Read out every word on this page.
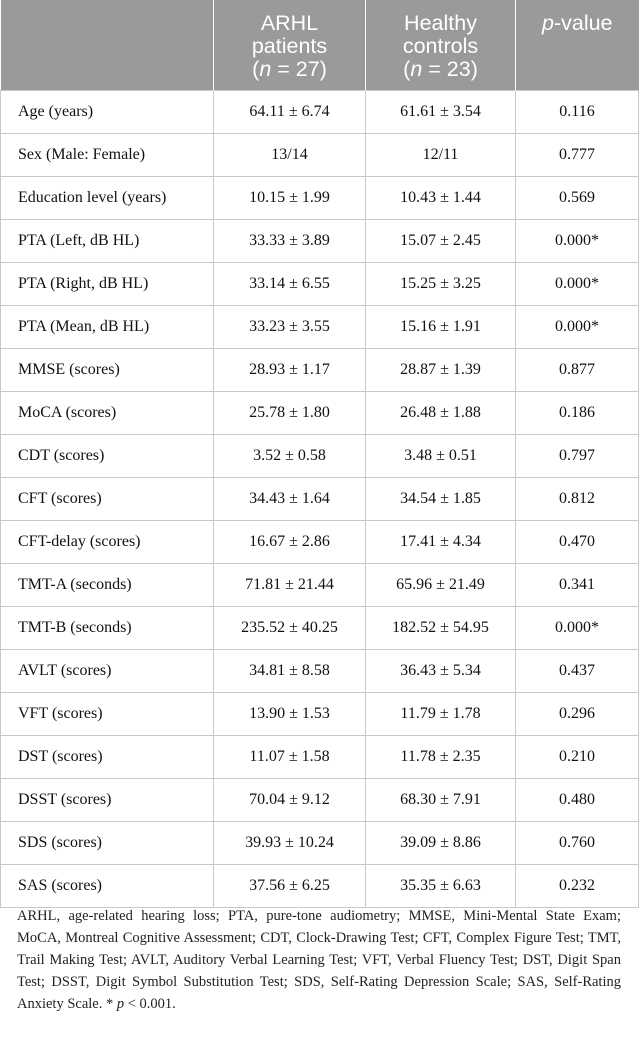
	ARHL
patients
(n = 27)	Healthy
controls
(n = 23)	p-value
Age (years)	64.11 ± 6.74	61.61 ± 3.54	0.116
Sex (Male: Female)	13/14	12/11	0.777
Education level (years)	10.15 ± 1.99	10.43 ± 1.44	0.569
PTA (Left, dB HL)	33.33 ± 3.89	15.07 ± 2.45	0.000*
PTA (Right, dB HL)	33.14 ± 6.55	15.25 ± 3.25	0.000*
PTA (Mean, dB HL)	33.23 ± 3.55	15.16 ± 1.91	0.000*
MMSE (scores)	28.93 ± 1.17	28.87 ± 1.39	0.877
MoCA (scores)	25.78 ± 1.80	26.48 ± 1.88	0.186
CDT (scores)	3.52 ± 0.58	3.48 ± 0.51	0.797
CFT (scores)	34.43 ± 1.64	34.54 ± 1.85	0.812
CFT-delay (scores)	16.67 ± 2.86	17.41 ± 4.34	0.470
TMT-A (seconds)	71.81 ± 21.44	65.96 ± 21.49	0.341
TMT-B (seconds)	235.52 ± 40.25	182.52 ± 54.95	0.000*
AVLT (scores)	34.81 ± 8.58	36.43 ± 5.34	0.437
VFT (scores)	13.90 ± 1.53	11.79 ± 1.78	0.296
DST (scores)	11.07 ± 1.58	11.78 ± 2.35	0.210
DSST (scores)	70.04 ± 9.12	68.30 ± 7.91	0.480
SDS (scores)	39.93 ± 10.24	39.09 ± 8.86	0.760
SAS (scores)	37.56 ± 6.25	35.35 ± 6.63	0.232
ARHL, age-related hearing loss; PTA, pure-tone audiometry; MMSE, Mini-Mental State Exam; MoCA, Montreal Cognitive Assessment; CDT, Clock-Drawing Test; CFT, Complex Figure Test; TMT, Trail Making Test; AVLT, Auditory Verbal Learning Test; VFT, Verbal Fluency Test; DST, Digit Span Test; DSST, Digit Symbol Substitution Test; SDS, Self-Rating Depression Scale; SAS, Self-Rating Anxiety Scale. * p < 0.001.
